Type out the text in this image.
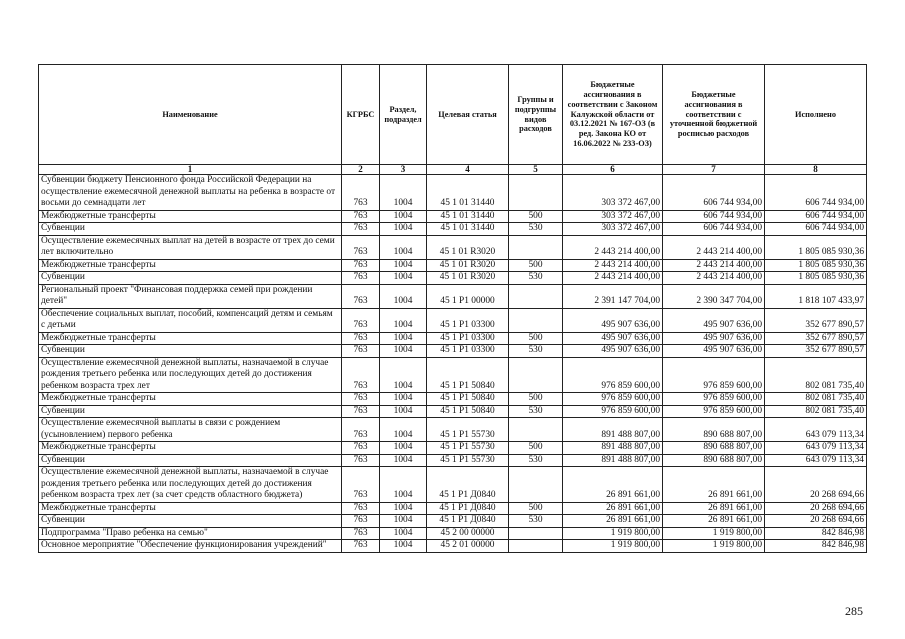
Наименование	КГРБС	Раздел, подраздел	Целевая статья	Группы и подгруппы видов расходов	Бюджетные ассигнования в соответствии с Законом Калужской области от 03.12.2021 № 167-ОЗ (в ред. Закона КО от 16.06.2022 № 233-ОЗ)	Бюджетные ассигнования в соответствии с уточненной бюджетной росписью расходов	Исполнено
1	2	3	4	5	6	7	8
Субвенции бюджету Пенсионного фонда Российской Федерации на осуществление ежемесячной денежной выплаты на ребенка в возрасте от восьми до семнадцати лет	763	1004	45 1 01 31440		303 372 467,00	606 744 934,00	606 744 934,00
Межбюджетные трансферты	763	1004	45 1 01 31440	500	303 372 467,00	606 744 934,00	606 744 934,00
Субвенции	763	1004	45 1 01 31440	530	303 372 467,00	606 744 934,00	606 744 934,00
Осуществление ежемесячных выплат на детей в возрасте от трех до семи лет включительно	763	1004	45 1 01 R3020		2 443 214 400,00	2 443 214 400,00	1 805 085 930,36
Межбюджетные трансферты	763	1004	45 1 01 R3020	500	2 443 214 400,00	2 443 214 400,00	1 805 085 930,36
Субвенции	763	1004	45 1 01 R3020	530	2 443 214 400,00	2 443 214 400,00	1 805 085 930,36
Региональный проект "Финансовая поддержка семей при рождении детей"	763	1004	45 1 P1 00000		2 391 147 704,00	2 390 347 704,00	1 818 107 433,97
Обеспечение социальных выплат, пособий, компенсаций детям и семьям с детьми	763	1004	45 1 P1 03300		495 907 636,00	495 907 636,00	352 677 890,57
Межбюджетные трансферты	763	1004	45 1 P1 03300	500	495 907 636,00	495 907 636,00	352 677 890,57
Субвенции	763	1004	45 1 P1 03300	530	495 907 636,00	495 907 636,00	352 677 890,57
Осуществление ежемесячной денежной выплаты, назначаемой в случае рождения третьего ребенка или последующих детей до достижения ребенком возраста трех лет	763	1004	45 1 P1 50840		976 859 600,00	976 859 600,00	802 081 735,40
Межбюджетные трансферты	763	1004	45 1 P1 50840	500	976 859 600,00	976 859 600,00	802 081 735,40
Субвенции	763	1004	45 1 P1 50840	530	976 859 600,00	976 859 600,00	802 081 735,40
Осуществление ежемесячной выплаты в связи с рождением (усыновлением) первого ребенка	763	1004	45 1 P1 55730		891 488 807,00	890 688 807,00	643 079 113,34
Межбюджетные трансферты	763	1004	45 1 P1 55730	500	891 488 807,00	890 688 807,00	643 079 113,34
Субвенции	763	1004	45 1 P1 55730	530	891 488 807,00	890 688 807,00	643 079 113,34
Осуществление ежемесячной денежной выплаты, назначаемой в случае рождения третьего ребенка или последующих детей до достижения ребенком возраста трех лет (за счет средств областного бюджета)	763	1004	45 1 P1 Д0840		26 891 661,00	26 891 661,00	20 268 694,66
Межбюджетные трансферты	763	1004	45 1 P1 Д0840	500	26 891 661,00	26 891 661,00	20 268 694,66
Субвенции	763	1004	45 1 P1 Д0840	530	26 891 661,00	26 891 661,00	20 268 694,66
Подпрограмма "Право ребенка на семью"	763	1004	45 2 00 00000		1 919 800,00	1 919 800,00	842 846,98
Основное мероприятие "Обеспечение функционирования учреждений"	763	1004	45 2 01 00000		1 919 800,00	1 919 800,00	842 846,98
285
